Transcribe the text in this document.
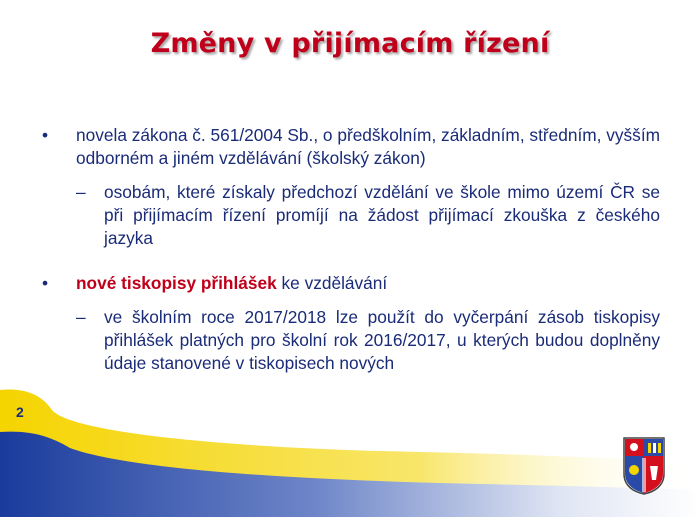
Změny v přijímacím řízení
•	novela zákona č. 561/2004 Sb., o předškolním, základním, středním, vyšším odborném a jiném vzdělávání (školský zákon)
– osobám, které získaly předchozí vzdělání ve škole mimo území ČR se při přijímacím řízení promíjí na žádost přijímací zkouška z českého jazyka
•	nové tiskopisy přihlášek ke vzdělávání
– ve školním roce 2017/2018 lze použít do vyčerpání zásob tiskopisy přihlášek platných pro školní rok 2016/2017, u kterých budou doplněny údaje stanovené v tiskopisech nových
2
